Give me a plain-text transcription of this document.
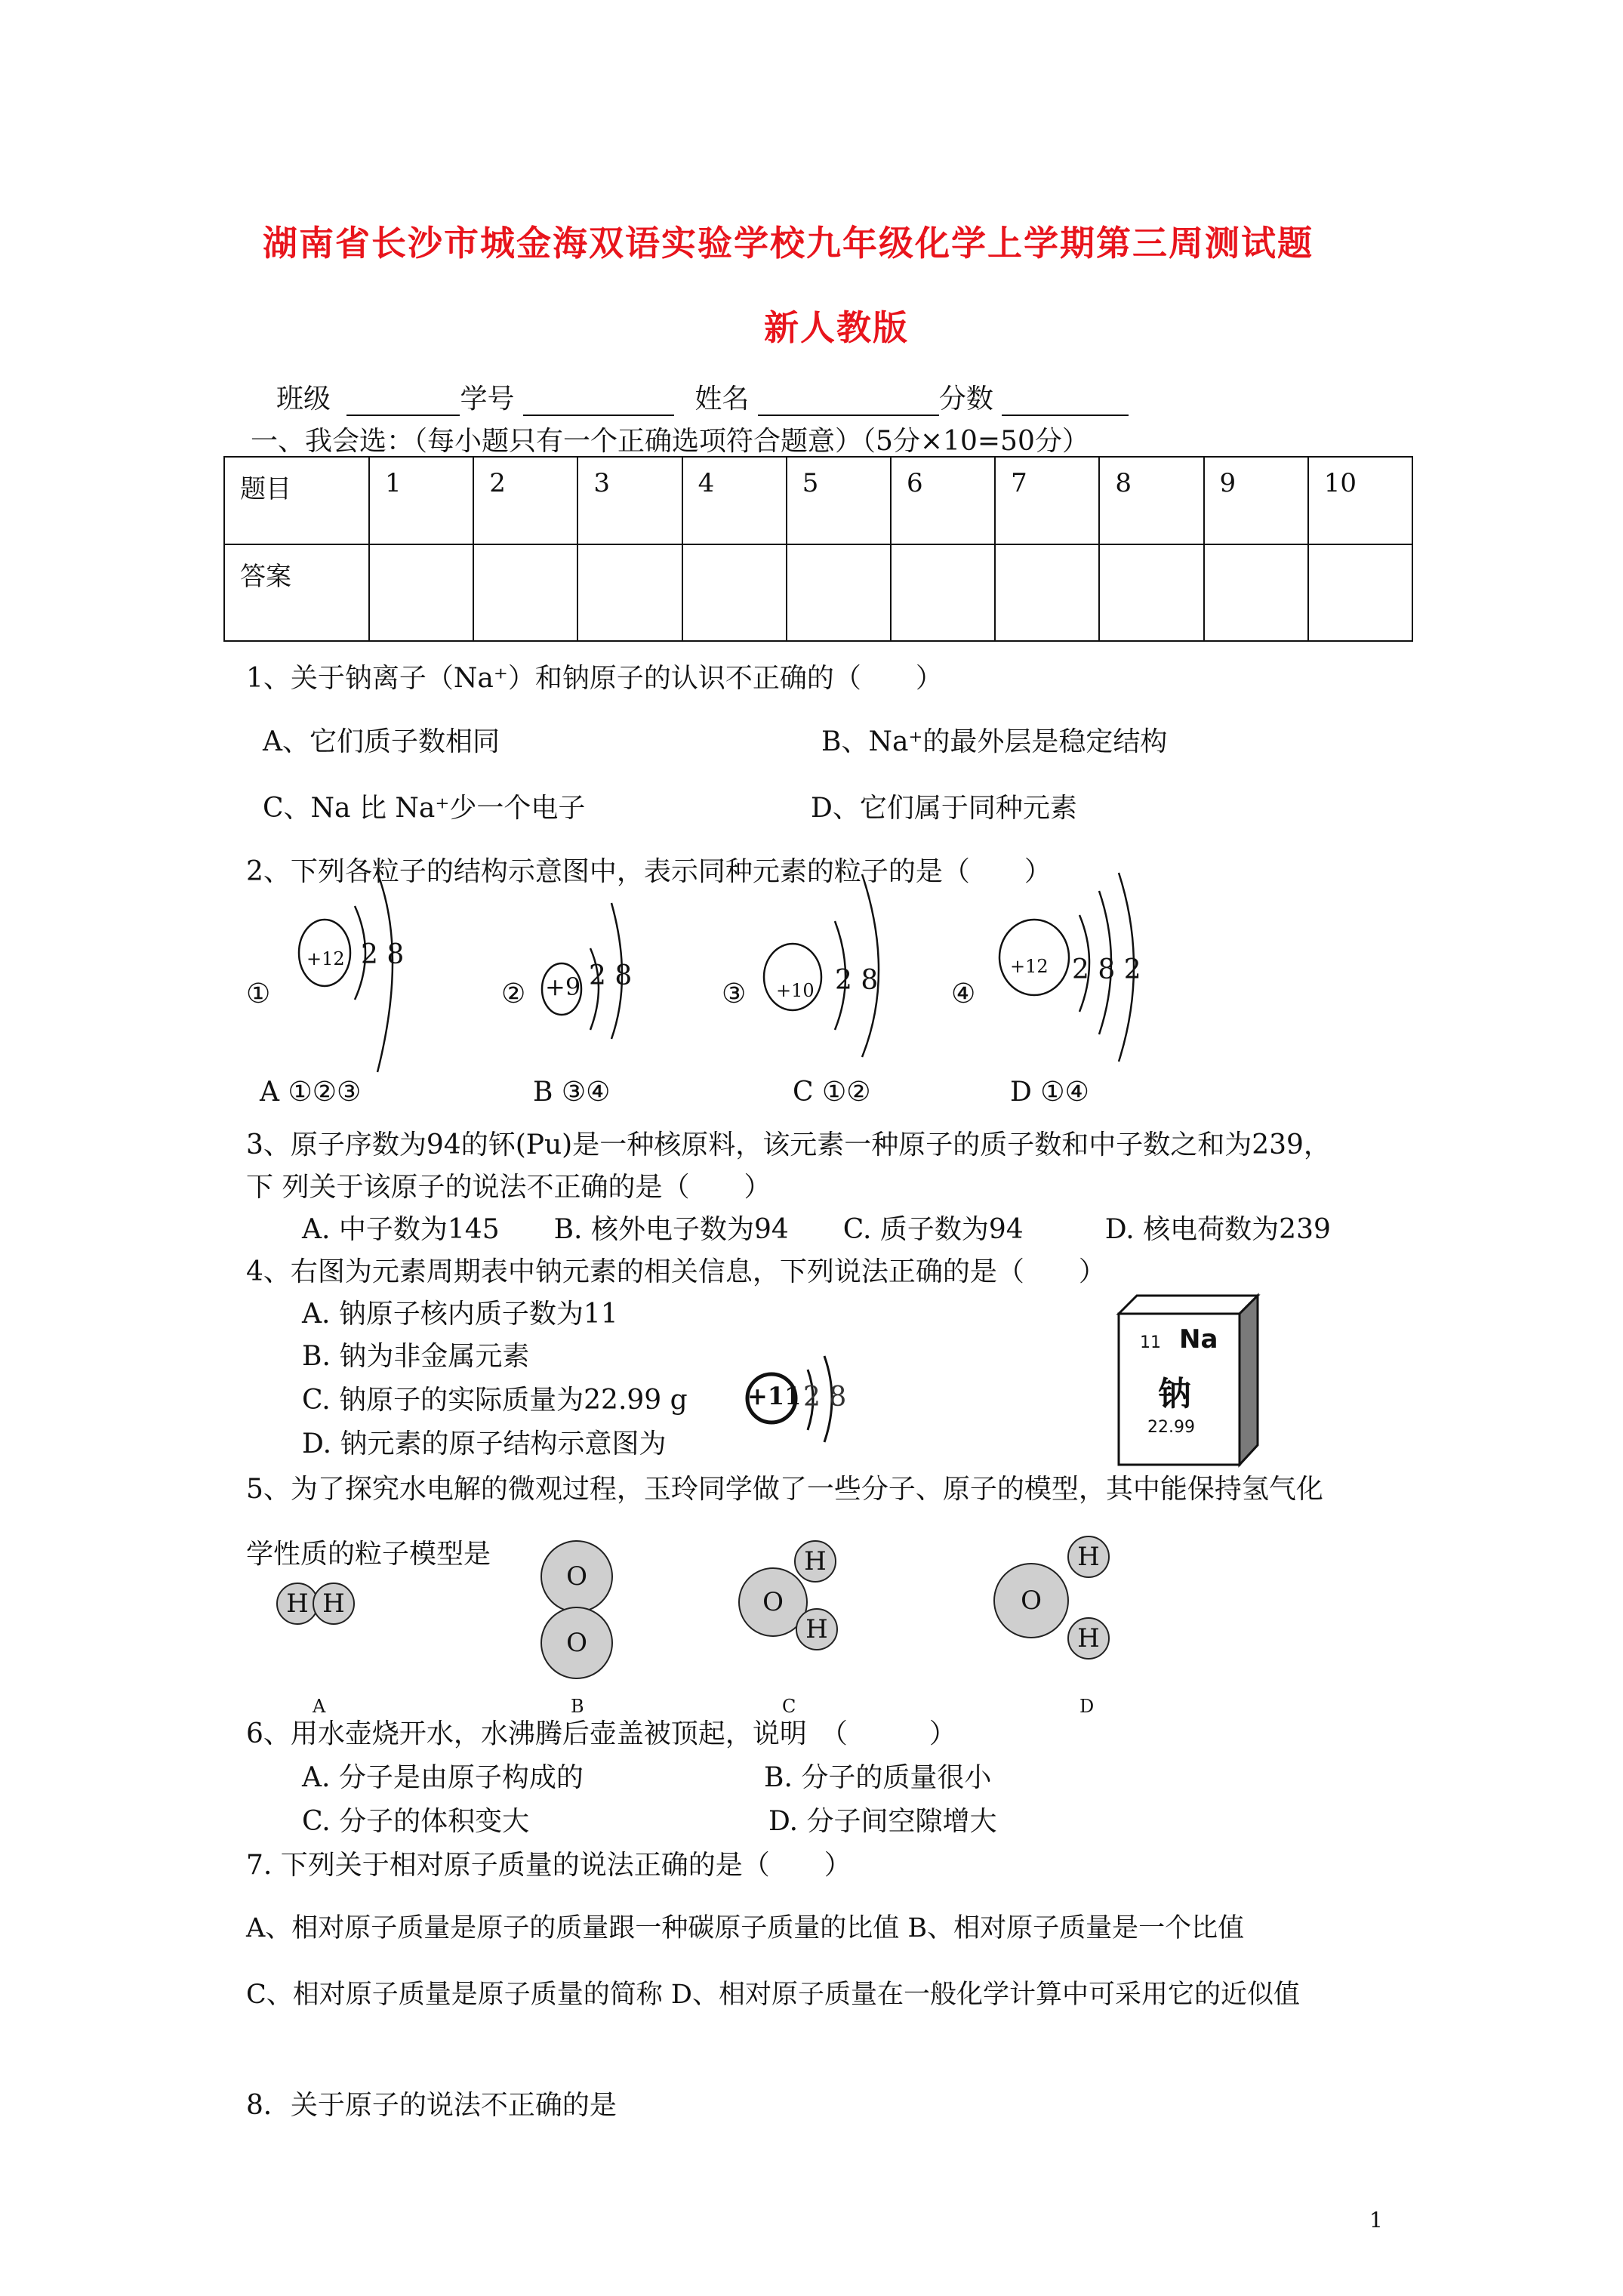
湖南省长沙市城金海双语实验学校九年级化学上学期第三周测试题
新人教版
班级	学号	姓名	分数
一、我会选：（每小题只有一个正确选项符合题意）（5分×10=50分）
题目	1	2	3	4	5	6	7	8	9	10
答案										
1、关于钠离子（Na⁺）和钠原子的认识不正确的（　　）
A、它们质子数相同	B、Na⁺的最外层是稳定结构
C、Na 比 Na⁺少一个电子	D、它们属于同种元素
2、下列各粒子的结构示意图中，表示同种元素的粒子的是（　　）
①
+12 2 8
② +9 2 8
③ +10 2 8	④
+12 2 8 2
A ①②③	B ③④	C ①②	D ①④
3、原子序数为94的钚(Pu)是一种核原料，该元素一种原子的质子数和中子数之和为239，
下 列关于该原子的说法不正确的是（　　）
A. 中子数为145　　B. 核外电子数为94　　C. 质子数为94　　　D. 核电荷数为239
4、右图为元素周期表中钠元素的相关信息，下列说法正确的是（　　）
A. 钠原子核内质子数为11
B. 钠为非金属元素
C. 钠原子的实际质量为22.99 g
D. 钠元素的原子结构示意图为
+11 2 8
11 Na
钠
22.99
5、为了探究水电解的微观过程，玉玲同学做了一些分子、原子的模型，其中能保持氢气化
学性质的粒子模型是
H H
O
O
O
H
H
O
H
H
A	B	C	D
6、用水壶烧开水，水沸腾后壶盖被顶起，说明　（　　　）
A. 分子是由原子构成的	B. 分子的质量很小
C. 分子的体积变大	D. 分子间空隙增大
7. 下列关于相对原子质量的说法正确的是（　　）
A、相对原子质量是原子的质量跟一种碳原子质量的比值 B、相对原子质量是一个比值
C、相对原子质量是原子质量的简称 D、相对原子质量在一般化学计算中可采用它的近似值
8．关于原子的说法不正确的是
1
